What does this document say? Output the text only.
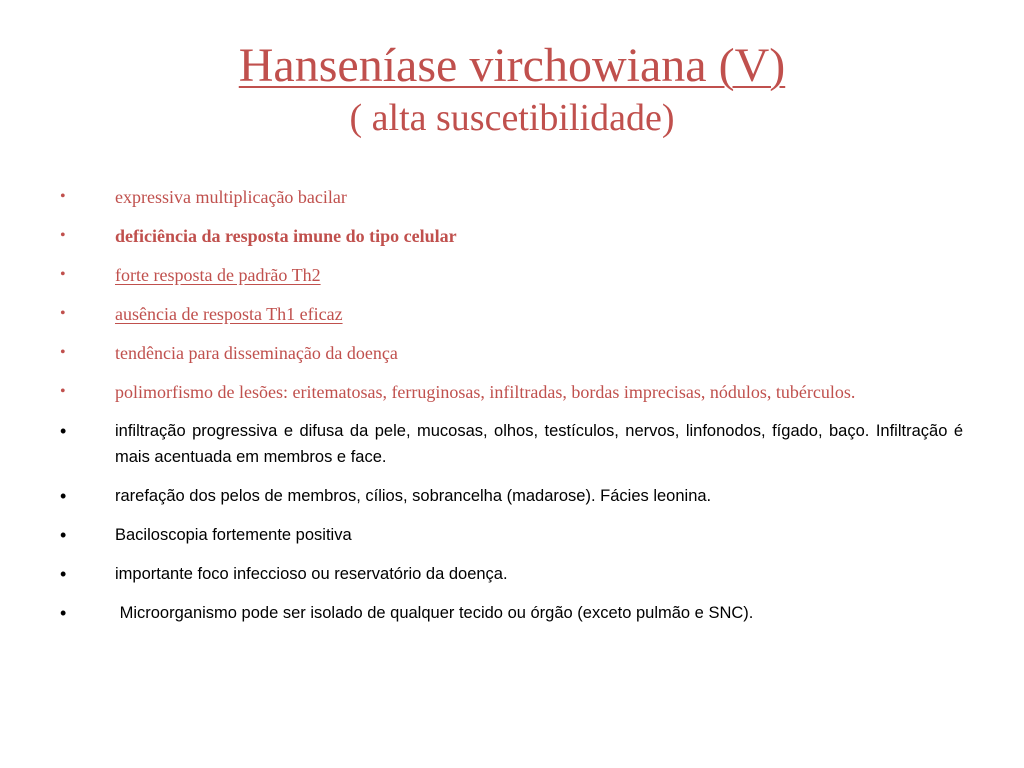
Hanseníase virchowiana (V)
( alta suscetibilidade)
•	expressiva multiplicação bacilar
•	deficiência da resposta imune do tipo celular
•	forte resposta de padrão Th2
•	ausência de resposta Th1 eficaz
•	tendência para disseminação da doença
•	polimorfismo de lesões: eritematosas, ferruginosas, infiltradas, bordas imprecisas, nódulos, tubérculos.
•	infiltração progressiva e difusa da pele, mucosas, olhos, testículos, nervos, linfonodos, fígado, baço. Infiltração é mais acentuada em membros e face.
•	rarefação dos pelos de membros, cílios, sobrancelha (madarose). Fácies leonina.
•	Baciloscopia fortemente positiva
•	importante foco infeccioso ou reservatório da doença.
•	Microorganismo pode ser isolado de qualquer tecido ou órgão (exceto pulmão e SNC).
